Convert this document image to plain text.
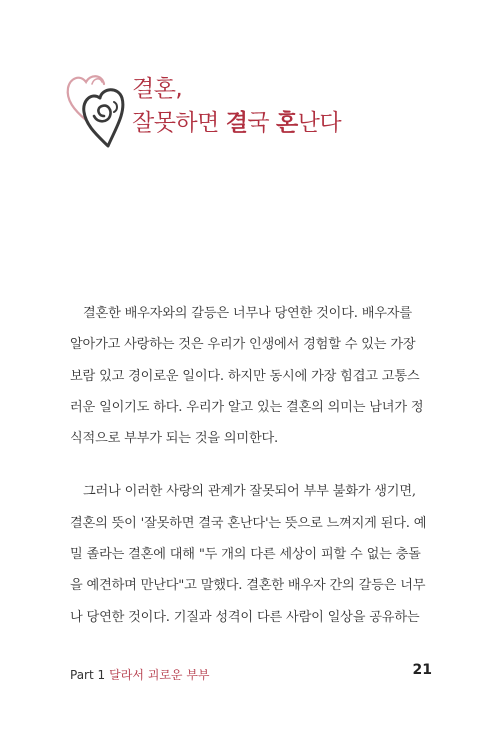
결혼,
잘못하면 결국 혼난다
결혼한 배우자와의 갈등은 너무나 당연한 것이다. 배우자를
알아가고 사랑하는 것은 우리가 인생에서 경험할 수 있는 가장
보람 있고 경이로운 일이다. 하지만 동시에 가장 힘겹고 고통스
러운 일이기도 하다. 우리가 알고 있는 결혼의 의미는 남녀가 정
식적으로 부부가 되는 것을 의미한다.
그러나 이러한 사랑의 관계가 잘못되어 부부 불화가 생기면,
결혼의 뜻이 '잘못하면 결국 혼난다'는 뜻으로 느껴지게 된다. 예
밀 졸라는 결혼에 대해 "두 개의 다른 세상이 피할 수 없는 충돌
을 예견하며 만난다"고 말했다. 결혼한 배우자 간의 갈등은 너무
나 당연한 것이다. 기질과 성격이 다른 사람이 일상을 공유하는
Part 1 달라서 괴로운 부부	21
